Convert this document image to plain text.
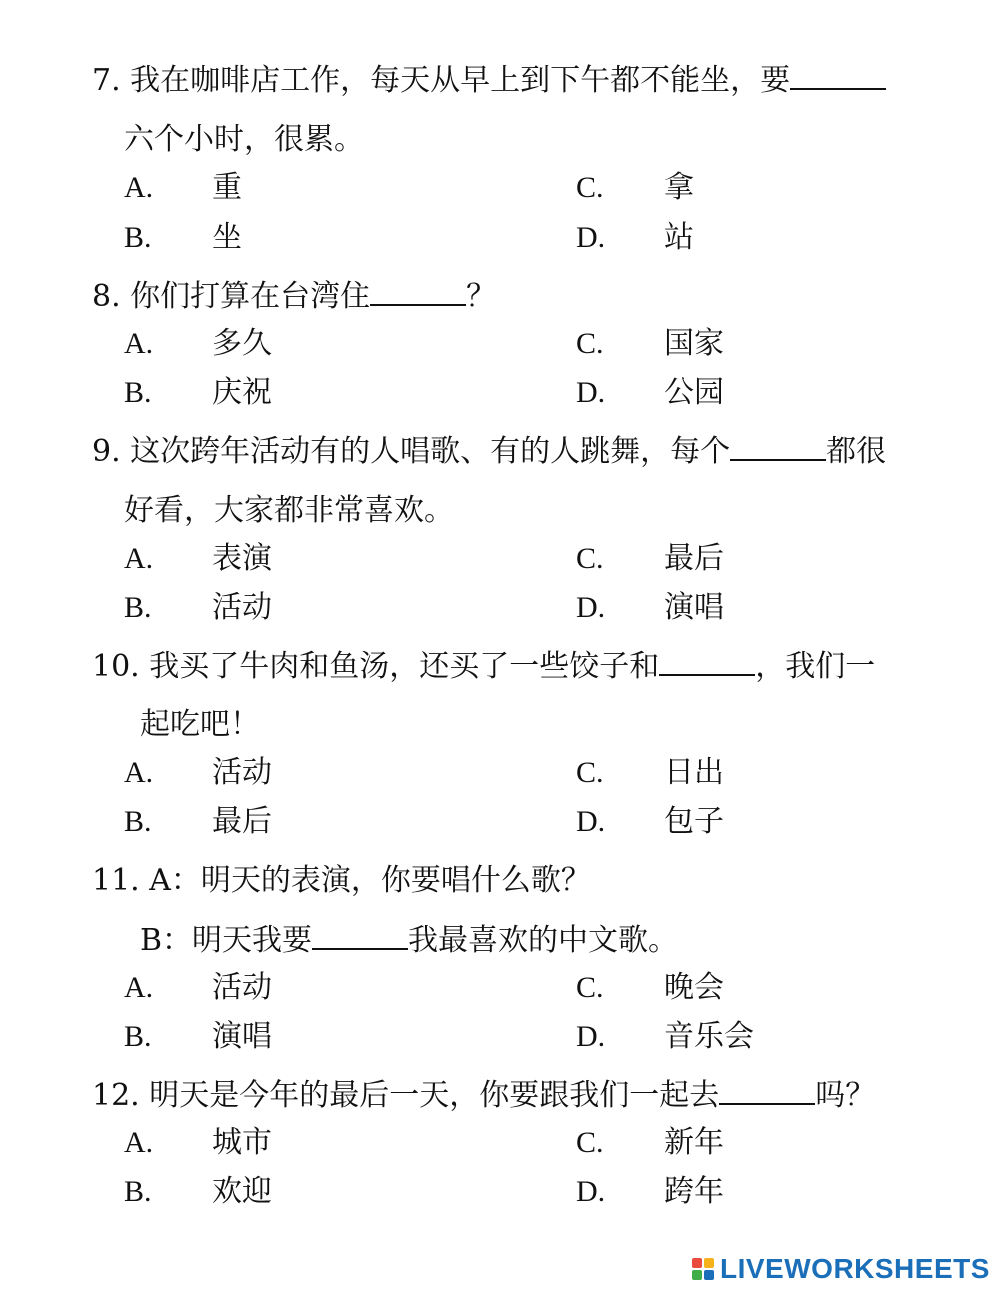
7. 我在咖啡店工作，每天从早上到下午都不能坐，要
六个小时，很累。
A. 重	C. 拿
B. 坐	D. 站
8. 你们打算在台湾住	？
A. 多久	C. 国家
B. 庆祝	D. 公园
9. 这次跨年活动有的人唱歌、有的人跳舞，每个	都很
好看，大家都非常喜欢。
A. 表演	C. 最后
B. 活动	D. 演唱
10. 我买了牛肉和鱼汤，还买了一些饺子和	，我们一
起吃吧！
A. 活动	C. 日出
B. 最后	D. 包子
11. A：明天的表演，你要唱什么歌？
B：明天我要	我最喜欢的中文歌。
A. 活动	C. 晚会
B. 演唱	D. 音乐会
12. 明天是今年的最后一天，你要跟我们一起去	吗？
A. 城市	C. 新年
B. 欢迎	D. 跨年
LIVEWORKSHEETS
